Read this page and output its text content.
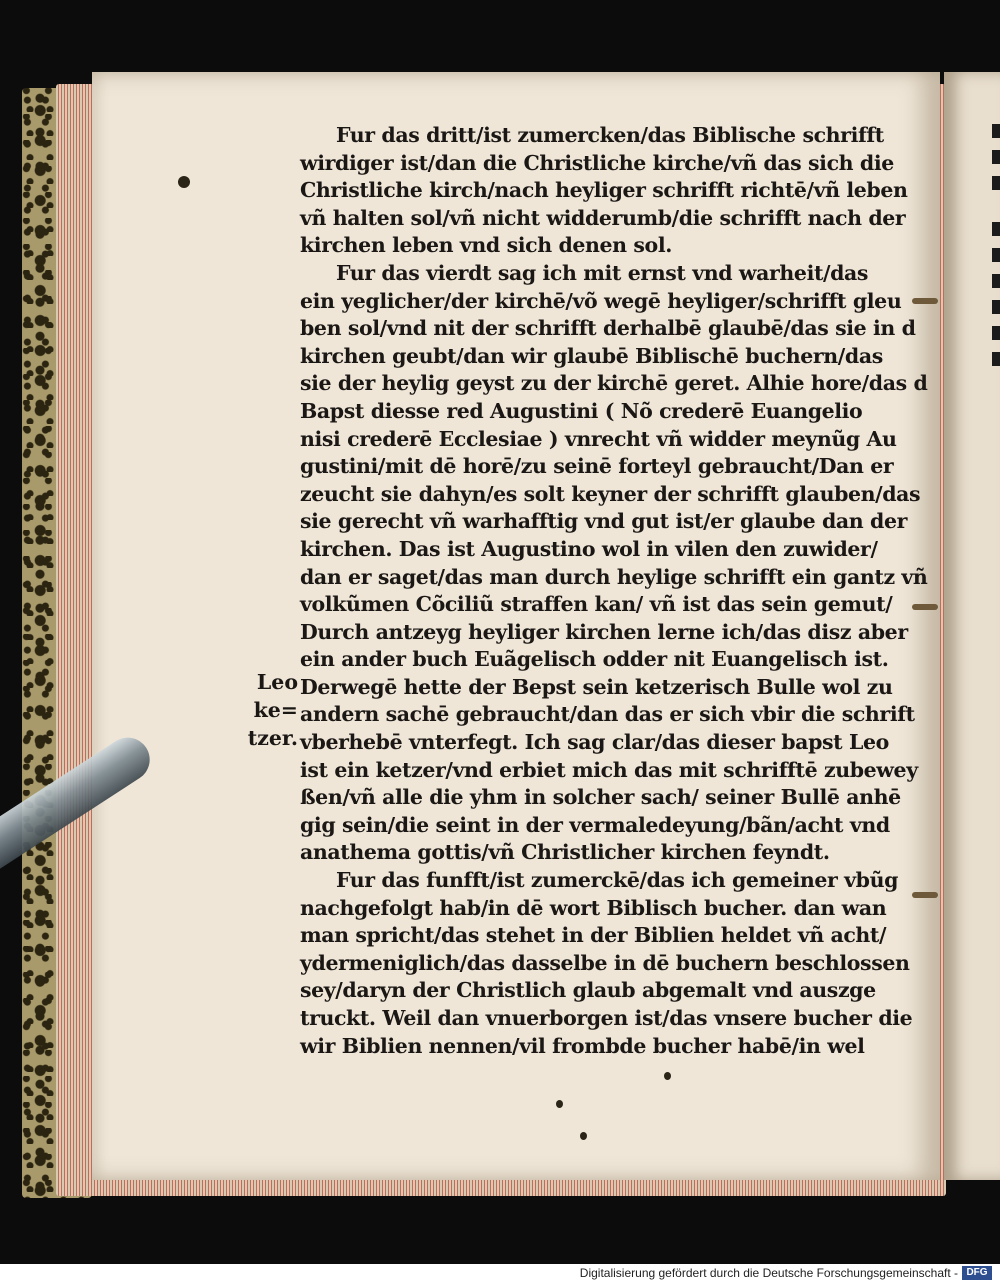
Fur das dritt/ist zumercken/das Biblische schrifft
wirdiger ist/dan die Christliche kirche/vñ das sich die
Christliche kirch/nach heyliger schrifft richtē/vñ leben
vñ halten sol/vñ nicht widderumb/die schrifft nach der
kirchen leben vnd sich denen sol.
Fur das vierdt sag ich mit ernst vnd warheit/das
ein yeglicher/der kirchē/võ wegē heyliger/schrifft gleu
ben sol/vnd nit der schrifft derhalbē glaubē/das sie in d
kirchen geubt/dan wir glaubē Biblischē buchern/das
sie der heylig geyst zu der kirchē geret. Alhie hore/das d
Bapst diesse red Augustini ( Nõ crederē Euangelio
nisi crederē Ecclesiae ) vnrecht vñ widder meynũg Au
gustini/mit dē horē/zu seinē forteyl gebraucht/Dan er
zeucht sie dahyn/es solt keyner der schrifft glauben/das
sie gerecht vñ warhafftig vnd gut ist/er glaube dan der
kirchen. Das ist Augustino wol in vilen den zuwider/
dan er saget/das man durch heylige schrifft ein gantz vñ
volkũmen Cõciliũ straffen kan/ vñ ist das sein gemut/
Durch antzeyg heyliger kirchen lerne ich/das disz aber
ein ander buch Euãgelisch odder nit Euangelisch ist.
Derwegē hette der Bepst sein ketzerisch Bulle wol zu
andern sachē gebraucht/dan das er sich vbir die schrift
vberhebē vnterfegt. Ich sag clar/das dieser bapst Leo
ist ein ketzer/vnd erbiet mich das mit schrifftē zubewey
ßen/vñ alle die yhm in solcher sach/ seiner Bullē anhē
gig sein/die seint in der vermaledeyung/bãn/acht vnd
anathema gottis/vñ Christlicher kirchen feyndt.
Fur das funfft/ist zumerckē/das ich gemeiner vbũg
nachgefolgt hab/in dē wort Biblisch bucher. dan wan
man spricht/das stehet in der Biblien heldet vñ acht/
ydermeniglich/das dasselbe in dē buchern beschlossen
sey/daryn der Christlich glaub abgemalt vnd auszge
truckt. Weil dan vnuerborgen ist/das vnsere bucher die
wir Biblien nennen/vil frombde bucher habē/in wel
Leo ke=
tzer.
Digitalisierung gefördert durch die Deutsche Forschungsgemeinschaft - DFG
